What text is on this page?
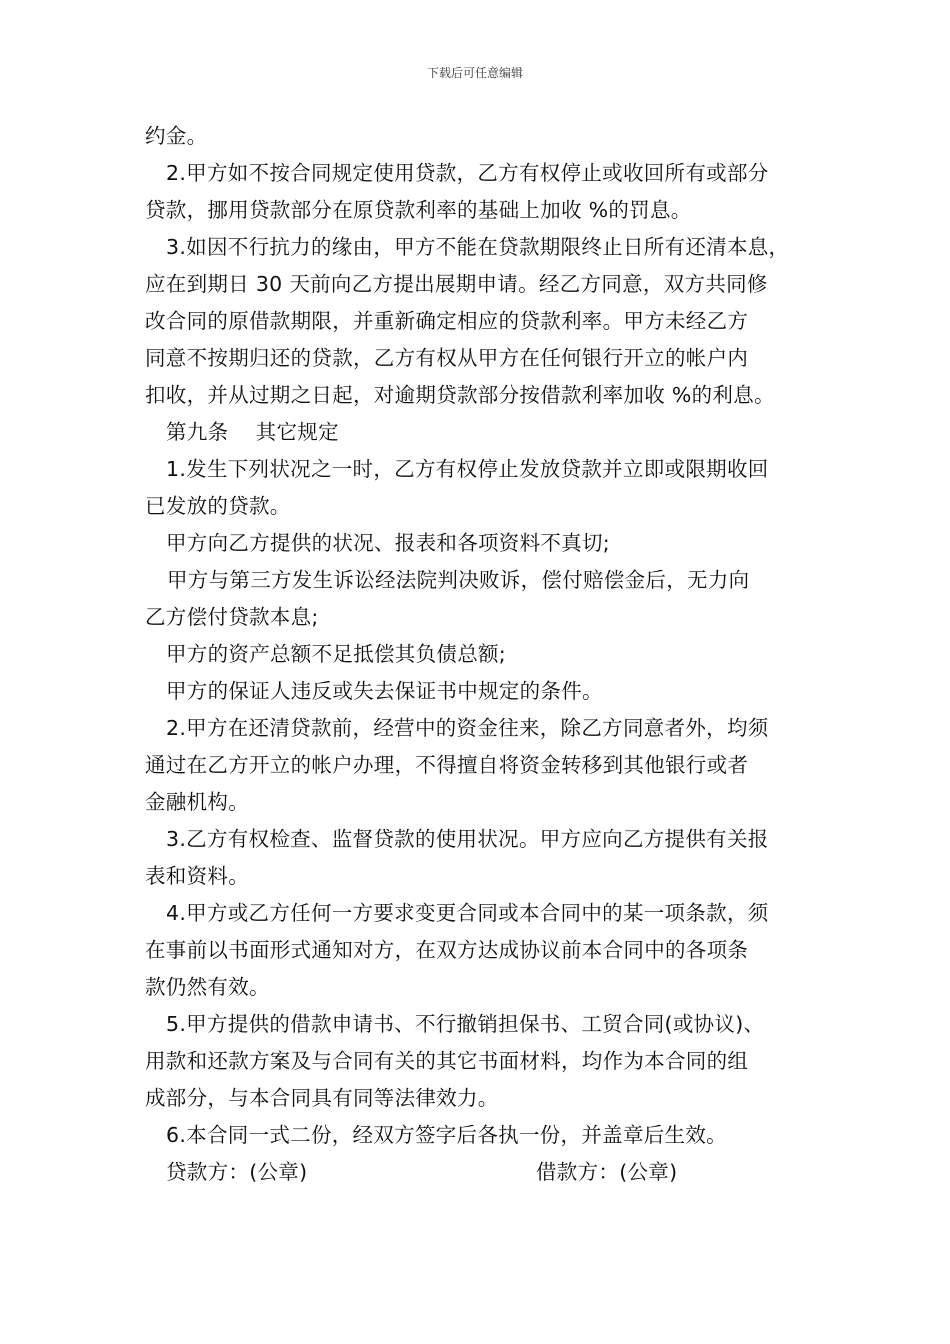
下载后可任意编辑

约金。

2.甲方如不按合同规定使用贷款，乙方有权停止或收回所有或部分

贷款，挪用贷款部分在原贷款利率的基础上加收 %的罚息。

3.如因不行抗力的缘由，甲方不能在贷款期限终止日所有还清本息，

应在到期日 30 天前向乙方提出展期申请。经乙方同意，双方共同修

改合同的原借款期限，并重新确定相应的贷款利率。甲方未经乙方

同意不按期归还的贷款，乙方有权从甲方在任何银行开立的帐户内

扣收，并从过期之日起，对逾期贷款部分按借款利率加收 %的利息。

第九条    其它规定

1.发生下列状况之一时，乙方有权停止发放贷款并立即或限期收回

已发放的贷款。

甲方向乙方提供的状况、报表和各项资料不真切;

甲方与第三方发生诉讼经法院判决败诉，偿付赔偿金后，无力向

乙方偿付贷款本息;

甲方的资产总额不足抵偿其负债总额;

甲方的保证人违反或失去保证书中规定的条件。

2.甲方在还清贷款前，经营中的资金往来，除乙方同意者外，均须

通过在乙方开立的帐户办理，不得擅自将资金转移到其他银行或者

金融机构。

3.乙方有权检查、监督贷款的使用状况。甲方应向乙方提供有关报

表和资料。

4.甲方或乙方任何一方要求变更合同或本合同中的某一项条款，须

在事前以书面形式通知对方，在双方达成协议前本合同中的各项条

款仍然有效。

5.甲方提供的借款申请书、不行撤销担保书、工贸合同(或协议)、

用款和还款方案及与合同有关的其它书面材料，均作为本合同的组

成部分，与本合同具有同等法律效力。

6.本合同一式二份，经双方签字后各执一份，并盖章后生效。

贷款方：(公章)	借款方：(公章)
